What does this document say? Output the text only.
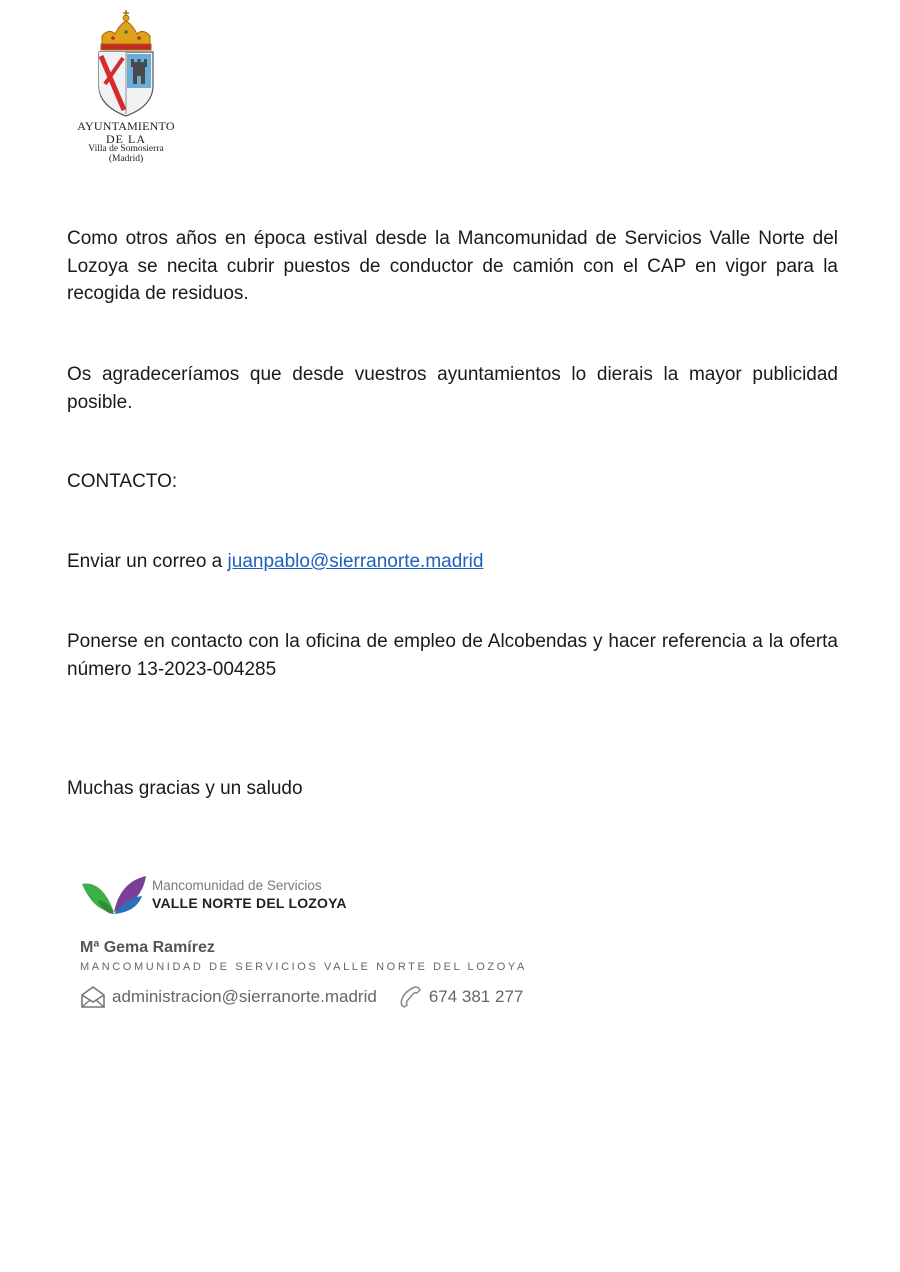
AYUNTAMIENTO
DE LA
Villa de Somosierra
(Madrid)
Como otros años en época estival desde la Mancomunidad de Servicios Valle Norte del Lozoya se necita cubrir puestos de conductor de camión con el CAP en vigor para la recogida de residuos.
Os agradeceríamos que desde vuestros ayuntamientos lo dierais la mayor publicidad posible.
CONTACTO:
Enviar un correo a juanpablo@sierranorte.madrid
Ponerse en contacto con la oficina de empleo de Alcobendas y hacer referencia a la oferta número 13-2023-004285
Muchas gracias y un saludo
Mancomunidad de Servicios
VALLE NORTE DEL LOZOYA
Mª Gema Ramírez
MANCOMUNIDAD DE SERVICIOS VALLE NORTE DEL LOZOYA
administracion@sierranorte.madrid	674 381 277
